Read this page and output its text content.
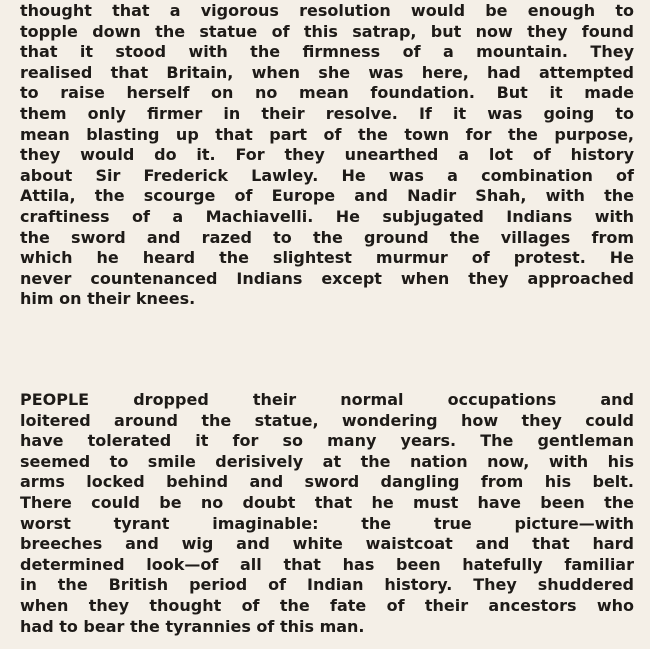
thought that a vigorous resolution would be enough to
topple down the statue of this satrap, but now they found
that it stood with the firmness of a mountain. They
realised that Britain, when she was here, had attempted
to raise herself on no mean foundation. But it made
them only firmer in their resolve. If it was going to
mean blasting up that part of the town for the purpose,
they would do it. For they unearthed a lot of history
about Sir Frederick Lawley. He was a combination of
Attila, the scourge of Europe and Nadir Shah, with the
craftiness of a Machiavelli. He subjugated Indians with
the sword and razed to the ground the villages from
which he heard the slightest murmur of protest. He
never countenanced Indians except when they approached
him on their knees.
PEOPLE dropped their normal occupations and
loitered around the statue, wondering how they could
have tolerated it for so many years. The gentleman
seemed to smile derisively at the nation now, with his
arms locked behind and sword dangling from his belt.
There could be no doubt that he must have been the
worst tyrant imaginable: the true picture—with
breeches and wig and white waistcoat and that hard
determined look—of all that has been hatefully familiar
in the British period of Indian history. They shuddered
when they thought of the fate of their ancestors who
had to bear the tyrannies of this man.
